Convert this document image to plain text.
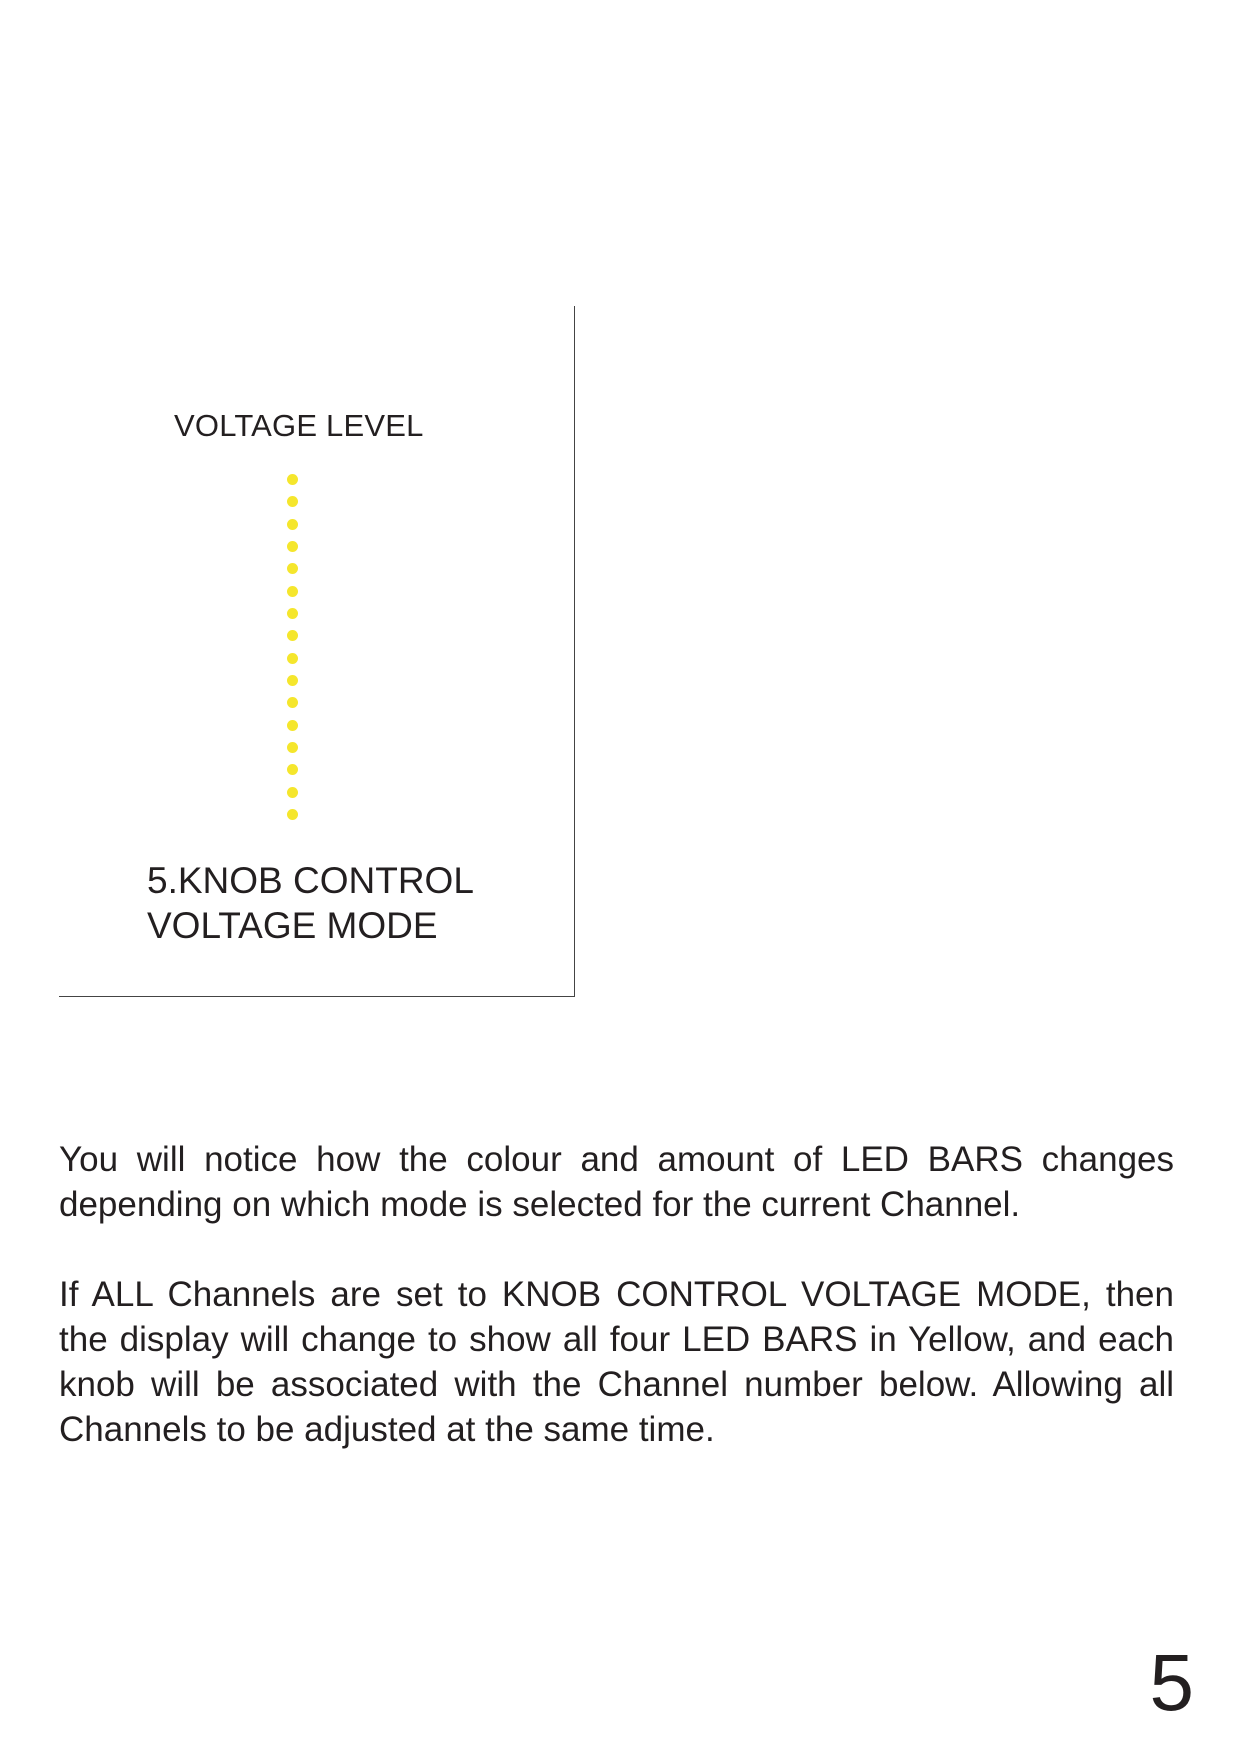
VOLTAGE LEVEL
5.KNOB CONTROL
VOLTAGE MODE

You will notice how the colour and amount of LED BARS changes depending on which mode is selected for the current Channel.

If ALL Channels are set to KNOB CONTROL VOLTAGE MODE, then the display will change to show all four LED BARS in Yellow, and each knob will be associated with the Channel number below. Allowing all Channels to be adjusted at the same time.

5
